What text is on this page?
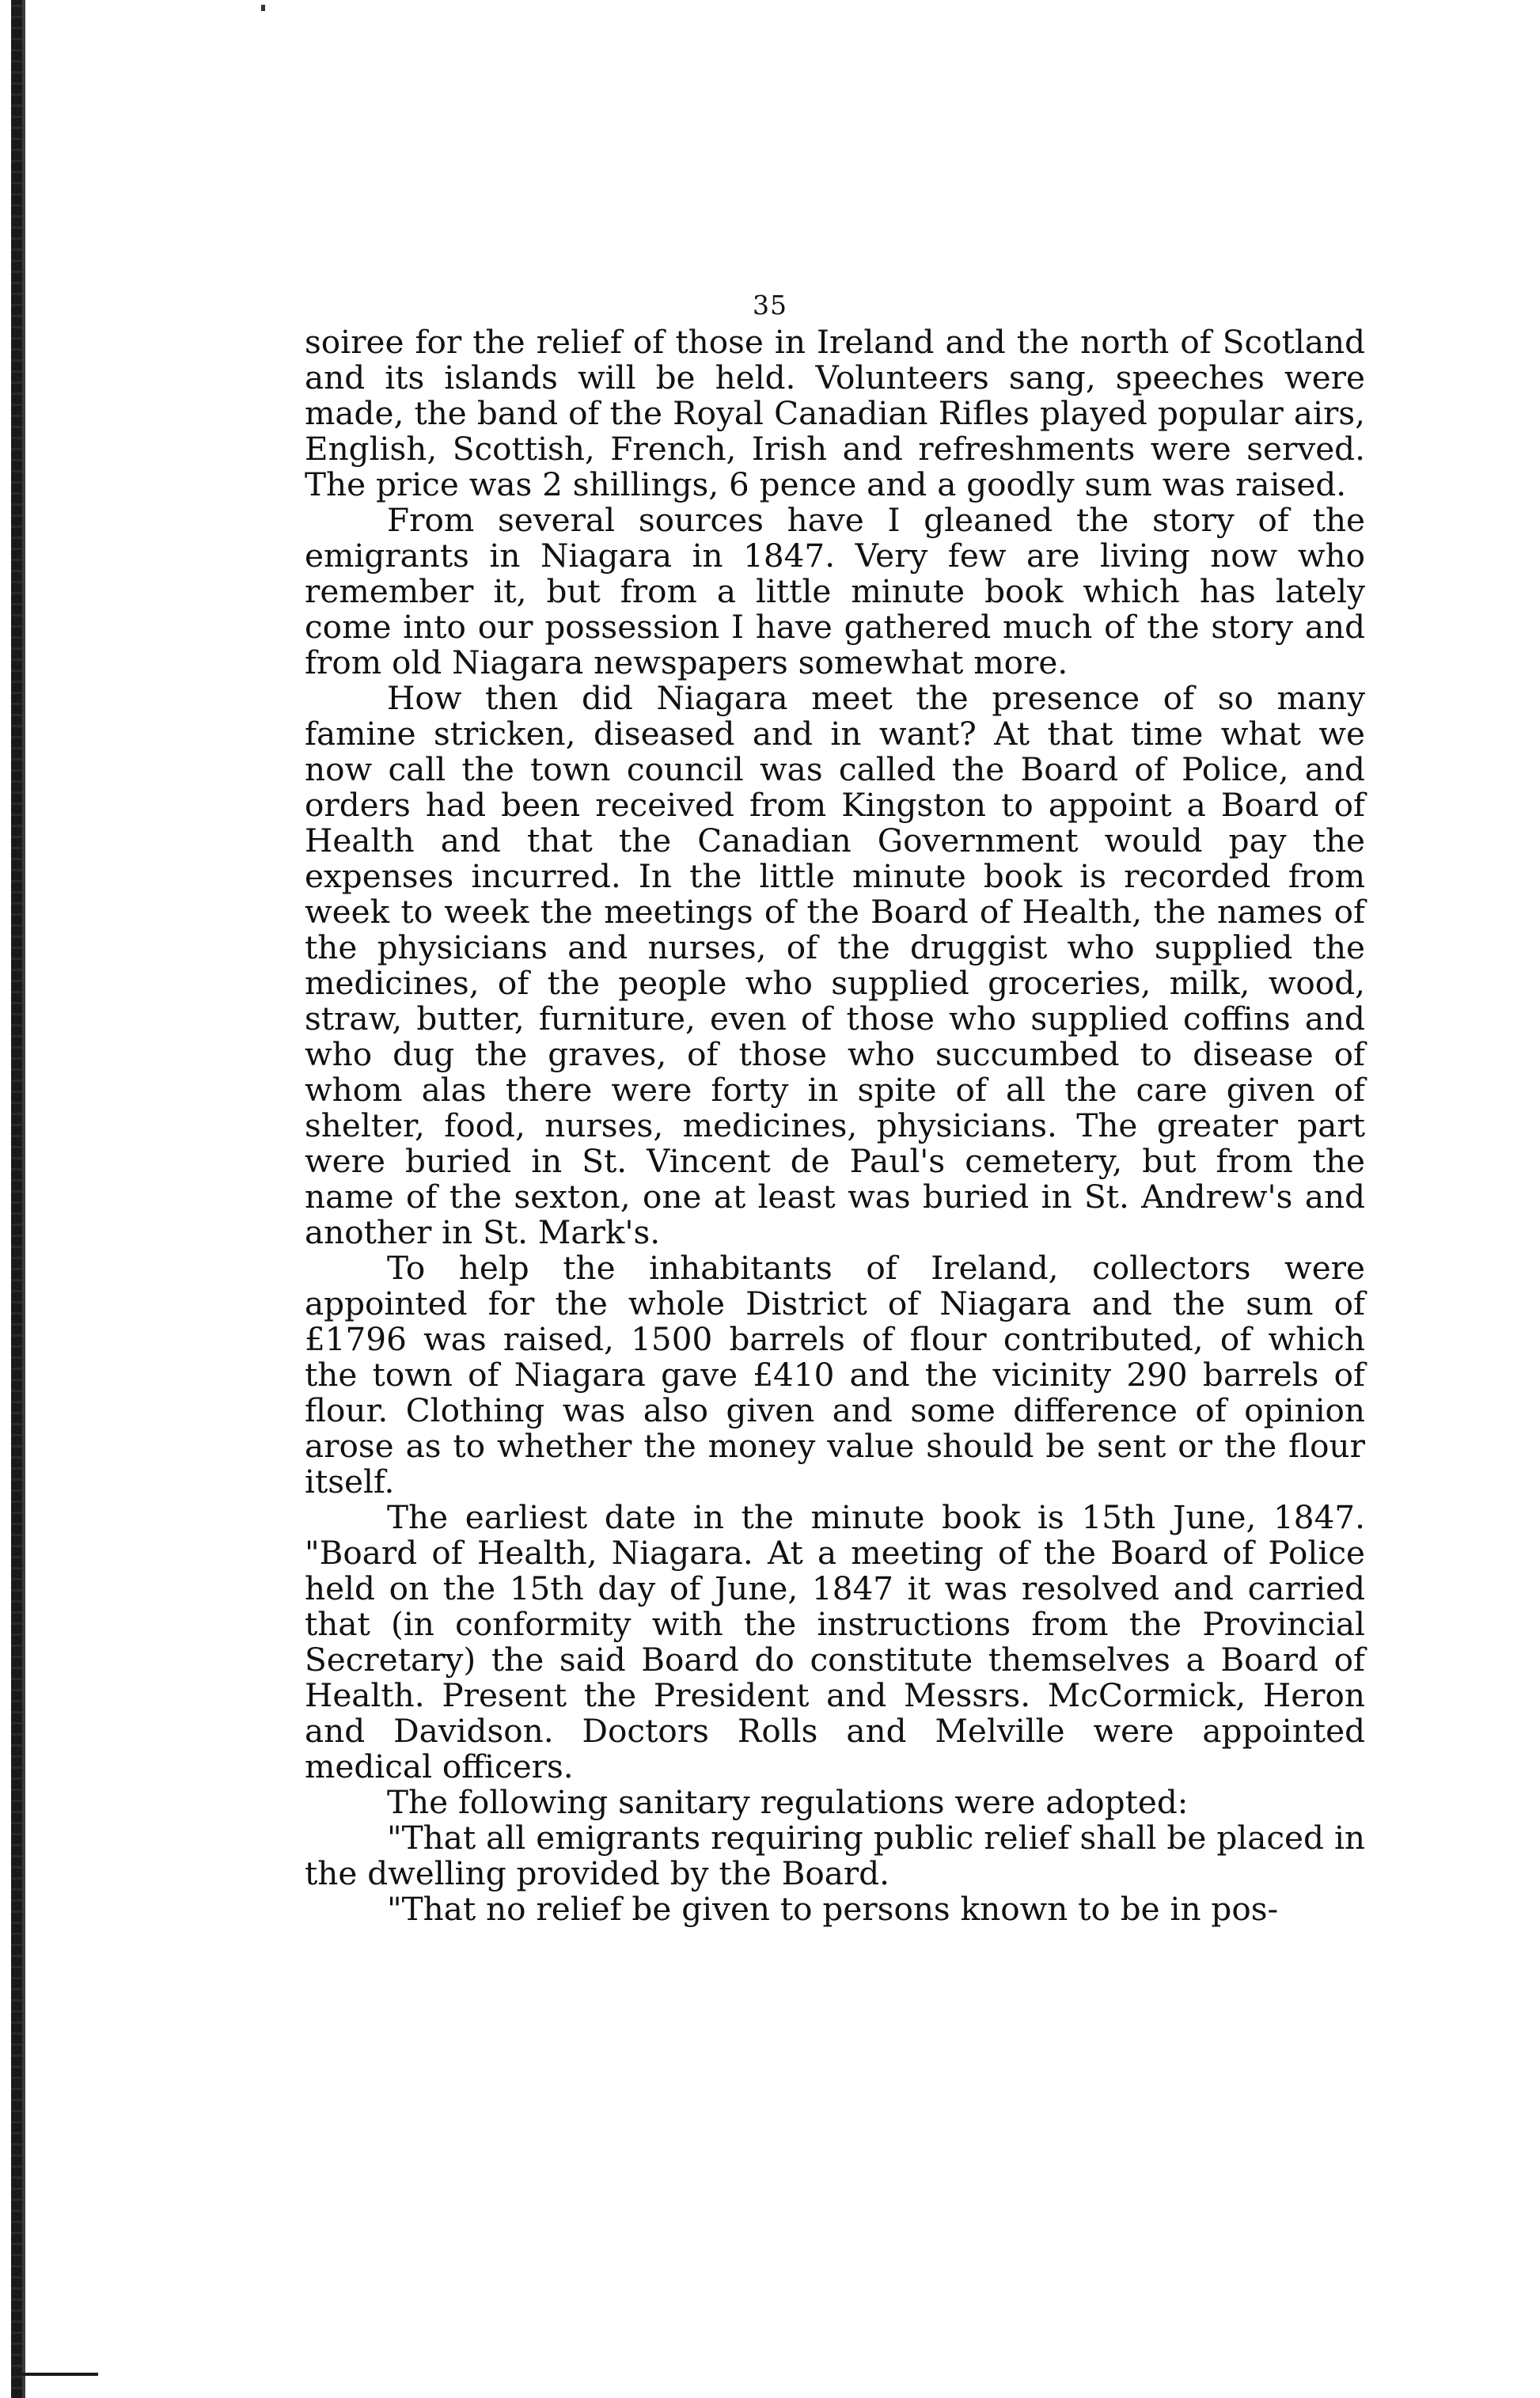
35

soiree for the relief of those in Ireland and the north of Scotland and its islands will be held. Volunteers sang, speeches were made, the band of the Royal Canadian Rifles played popular airs, English, Scottish, French, Irish and refreshments were served. The price was 2 shillings, 6 pence and a goodly sum was raised.

From several sources have I gleaned the story of the emigrants in Niagara in 1847. Very few are living now who remember it, but from a little minute book which has lately come into our possession I have gathered much of the story and from old Niagara newspapers somewhat more.

How then did Niagara meet the presence of so many famine stricken, diseased and in want? At that time what we now call the town council was called the Board of Police, and orders had been received from Kingston to appoint a Board of Health and that the Canadian Government would pay the expenses incurred. In the little minute book is recorded from week to week the meetings of the Board of Health, the names of the physicians and nurses, of the druggist who supplied the medicines, of the people who supplied groceries, milk, wood, straw, butter, furniture, even of those who supplied coffins and who dug the graves, of those who succumbed to disease of whom alas there were forty in spite of all the care given of shelter, food, nurses, medicines, physicians. The greater part were buried in St. Vincent de Paul's cemetery, but from the name of the sexton, one at least was buried in St. Andrew's and another in St. Mark's.

To help the inhabitants of Ireland, collectors were appointed for the whole District of Niagara and the sum of £1796 was raised, 1500 barrels of flour contributed, of which the town of Niagara gave £410 and the vicinity 290 barrels of flour. Clothing was also given and some difference of opinion arose as to whether the money value should be sent or the flour itself.

The earliest date in the minute book is 15th June, 1847. "Board of Health, Niagara. At a meeting of the Board of Police held on the 15th day of June, 1847 it was resolved and carried that (in conformity with the instructions from the Provincial Secretary) the said Board do constitute themselves a Board of Health. Present the President and Messrs. McCormick, Heron and Davidson. Doctors Rolls and Melville were appointed medical officers.

The following sanitary regulations were adopted:

"That all emigrants requiring public relief shall be placed in the dwelling provided by the Board.

"That no relief be given to persons known to be in pos-
